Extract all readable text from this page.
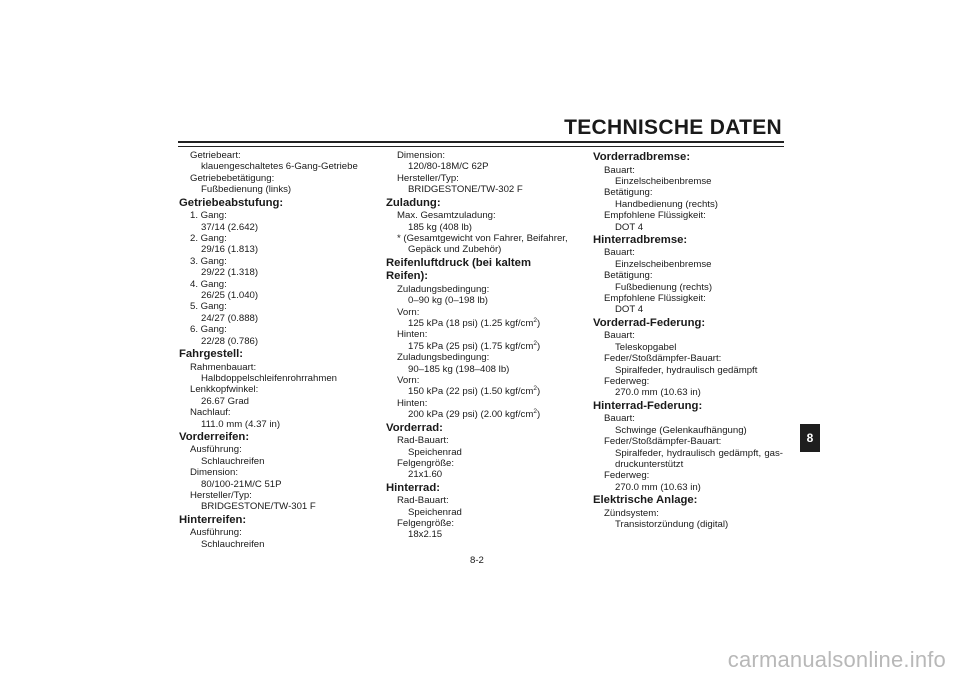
TECHNISCHE DATEN
Getriebeart:
klauengeschaltetes 6-Gang-Getriebe
Getriebebetätigung:
Fußbedienung (links)
Getriebeabstufung:
1. Gang:
37/14 (2.642)
2. Gang:
29/16 (1.813)
3. Gang:
29/22 (1.318)
4. Gang:
26/25 (1.040)
5. Gang:
24/27 (0.888)
6. Gang:
22/28 (0.786)
Fahrgestell:
Rahmenbauart:
Halbdoppelschleifenrohrrahmen
Lenkkopfwinkel:
26.67 Grad
Nachlauf:
111.0 mm (4.37 in)
Vorderreifen:
Ausführung:
Schlauchreifen
Dimension:
80/100-21M/C 51P
Hersteller/Typ:
BRIDGESTONE/TW-301 F
Hinterreifen:
Ausführung:
Schlauchreifen
Dimension:
120/80-18M/C 62P
Hersteller/Typ:
BRIDGESTONE/TW-302 F
Zuladung:
Max. Gesamtzuladung:
185 kg (408 lb)
* (Gesamtgewicht von Fahrer, Beifahrer, Gepäck und Zubehör)
Reifenluftdruck (bei kaltem Reifen):
Zuladungsbedingung:
0–90 kg (0–198 lb)
Vorn:
125 kPa (18 psi) (1.25 kgf/$cm^2$)
Hinten:
175 kPa (25 psi) (1.75 kgf/$cm^2$)
Zuladungsbedingung:
90–185 kg (198–408 lb)
Vorn:
150 kPa (22 psi) (1.50 kgf/$cm^2$)
Hinten:
200 kPa (29 psi) (2.00 kgf/$cm^2$)
Vorderrad:
Rad-Bauart:
Speichenrad
Felgengröße:
21x1.60
Hinterrad:
Rad-Bauart:
Speichenrad
Felgengröße:
18x2.15
Vorderradbremse:
Bauart:
Einzelscheibenbremse
Betätigung:
Handbedienung (rechts)
Empfohlene Flüssigkeit:
DOT 4
Hinterradbremse:
Bauart:
Einzelscheibenbremse
Betätigung:
Fußbedienung (rechts)
Empfohlene Flüssigkeit:
DOT 4
Vorderrad-Federung:
Bauart:
Teleskopgabel
Feder/Stoßdämpfer-Bauart:
Spiralfeder, hydraulisch gedämpft
Federweg:
270.0 mm (10.63 in)
Hinterrad-Federung:
Bauart:
Schwinge (Gelenkaufhängung)
Feder/Stoßdämpfer-Bauart:
Spiralfeder, hydraulisch gedämpft, gas-
druckunterstützt
Federweg:
270.0 mm (10.63 in)
Elektrische Anlage:
Zündsystem:
Transistorzündung (digital)
8
8-2
carmanualsonline.info
